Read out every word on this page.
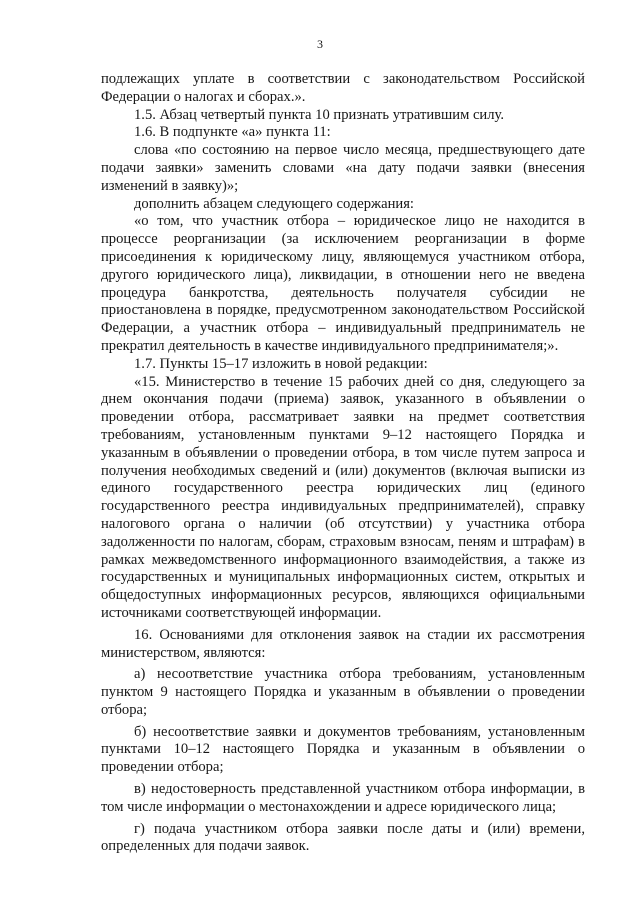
3

подлежащих уплате в соответствии с законодательством Российской Федерации о налогах и сборах.».

1.5. Абзац четвертый пункта 10 признать утратившим силу.

1.6. В подпункте «а» пункта 11:

слова «по состоянию на первое число месяца, предшествующего дате подачи заявки» заменить словами «на дату подачи заявки (внесения изменений в заявку)»;

дополнить абзацем следующего содержания:

«о том, что участник отбора – юридическое лицо не находится в процессе реорганизации (за исключением реорганизации в форме присоединения к юридическому лицу, являющемуся участником отбора, другого юридического лица), ликвидации, в отношении него не введена процедура банкротства, деятельность получателя субсидии не приостановлена в порядке, предусмотренном законодательством Российской Федерации, а участник отбора – индивидуальный предприниматель не прекратил деятельность в качестве индивидуального предпринимателя;».

1.7. Пункты 15–17 изложить в новой редакции:

«15. Министерство в течение 15 рабочих дней со дня, следующего за днем окончания подачи (приема) заявок, указанного в объявлении о проведении отбора, рассматривает заявки на предмет соответствия требованиям, установленным пунктами 9–12 настоящего Порядка и указанным в объявлении о проведении отбора, в том числе путем запроса и получения необходимых сведений и (или) документов (включая выписки из единого государственного реестра юридических лиц (единого государственного реестра индивидуальных предпринимателей), справку налогового органа о наличии (об отсутствии) у участника отбора задолженности по налогам, сборам, страховым взносам, пеням и штрафам) в рамках межведомственного информационного взаимодействия, а также из государственных и муниципальных информационных систем, открытых и общедоступных информационных ресурсов, являющихся официальными источниками соответствующей информации.

16. Основаниями для отклонения заявок на стадии их рассмотрения министерством, являются:

а) несоответствие участника отбора требованиям, установленным пунктом 9 настоящего Порядка и указанным в объявлении о проведении отбора;

б) несоответствие заявки и документов требованиям, установленным пунктами 10–12 настоящего Порядка и указанным в объявлении о проведении отбора;

в) недостоверность представленной участником отбора информации, в том числе информации о местонахождении и адресе юридического лица;

г) подача участником отбора заявки после даты и (или) времени, определенных для подачи заявок.
